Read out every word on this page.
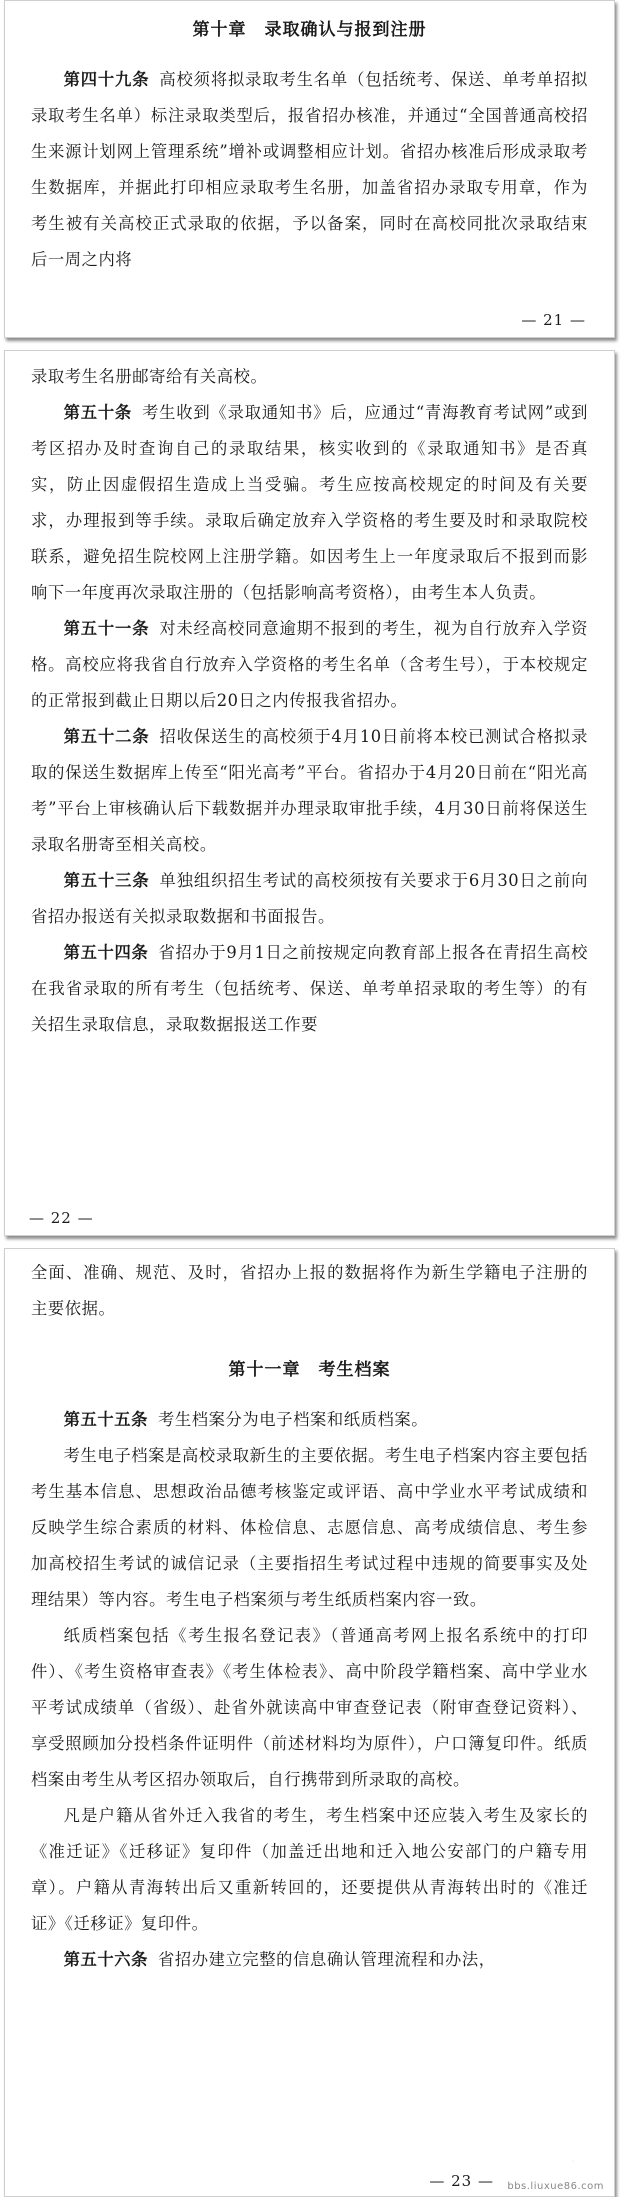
第十章　录取确认与报到注册

第四十九条 高校须将拟录取考生名单（包括统考、保送、单考单招拟录取考生名单）标注录取类型后，报省招办核准，并通过“全国普通高校招生来源计划网上管理系统”增补或调整相应计划。省招办核准后形成录取考生数据库，并据此打印相应录取考生名册，加盖省招办录取专用章，作为考生被有关高校正式录取的依据，予以备案，同时在高校同批次录取结束后一周之内将

— 21 —

录取考生名册邮寄给有关高校。

第五十条 考生收到《录取通知书》后，应通过“青海教育考试网”或到考区招办及时查询自己的录取结果，核实收到的《录取通知书》是否真实，防止因虚假招生造成上当受骗。考生应按高校规定的时间及有关要求，办理报到等手续。录取后确定放弃入学资格的考生要及时和录取院校联系，避免招生院校网上注册学籍。如因考生上一年度录取后不报到而影响下一年度再次录取注册的（包括影响高考资格），由考生本人负责。

第五十一条 对未经高校同意逾期不报到的考生，视为自行放弃入学资格。高校应将我省自行放弃入学资格的考生名单（含考生号），于本校规定的正常报到截止日期以后20日之内传报我省招办。

第五十二条 招收保送生的高校须于4月10日前将本校已测试合格拟录取的保送生数据库上传至“阳光高考”平台。省招办于4月20日前在“阳光高考”平台上审核确认后下载数据并办理录取审批手续，4月30日前将保送生录取名册寄至相关高校。

第五十三条 单独组织招生考试的高校须按有关要求于6月30日之前向省招办报送有关拟录取数据和书面报告。

第五十四条 省招办于9月1日之前按规定向教育部上报各在青招生高校在我省录取的所有考生（包括统考、保送、单考单招录取的考生等）的有关招生录取信息，录取数据报送工作要

— 22 —

全面、准确、规范、及时，省招办上报的数据将作为新生学籍电子注册的主要依据。

第十一章　考生档案

第五十五条 考生档案分为电子档案和纸质档案。

考生电子档案是高校录取新生的主要依据。考生电子档案内容主要包括考生基本信息、思想政治品德考核鉴定或评语、高中学业水平考试成绩和反映学生综合素质的材料、体检信息、志愿信息、高考成绩信息、考生参加高校招生考试的诚信记录（主要指招生考试过程中违规的简要事实及处理结果）等内容。考生电子档案须与考生纸质档案内容一致。

纸质档案包括《考生报名登记表》（普通高考网上报名系统中的打印件）、《考生资格审查表》《考生体检表》、高中阶段学籍档案、高中学业水平考试成绩单（省级）、赴省外就读高中审查登记表（附审查登记资料）、享受照顾加分投档条件证明件（前述材料均为原件），户口簿复印件。纸质档案由考生从考区招办领取后，自行携带到所录取的高校。

凡是户籍从省外迁入我省的考生，考生档案中还应装入考生及家长的《准迁证》《迁移证》复印件（加盖迁出地和迁入地公安部门的户籍专用章）。户籍从青海转出后又重新转回的，还要提供从青海转出时的《准迁证》《迁移证》复印件。

第五十六条 省招办建立完整的信息确认管理流程和办法，

— 23 —	留学网
bbs.liuxue86.com
